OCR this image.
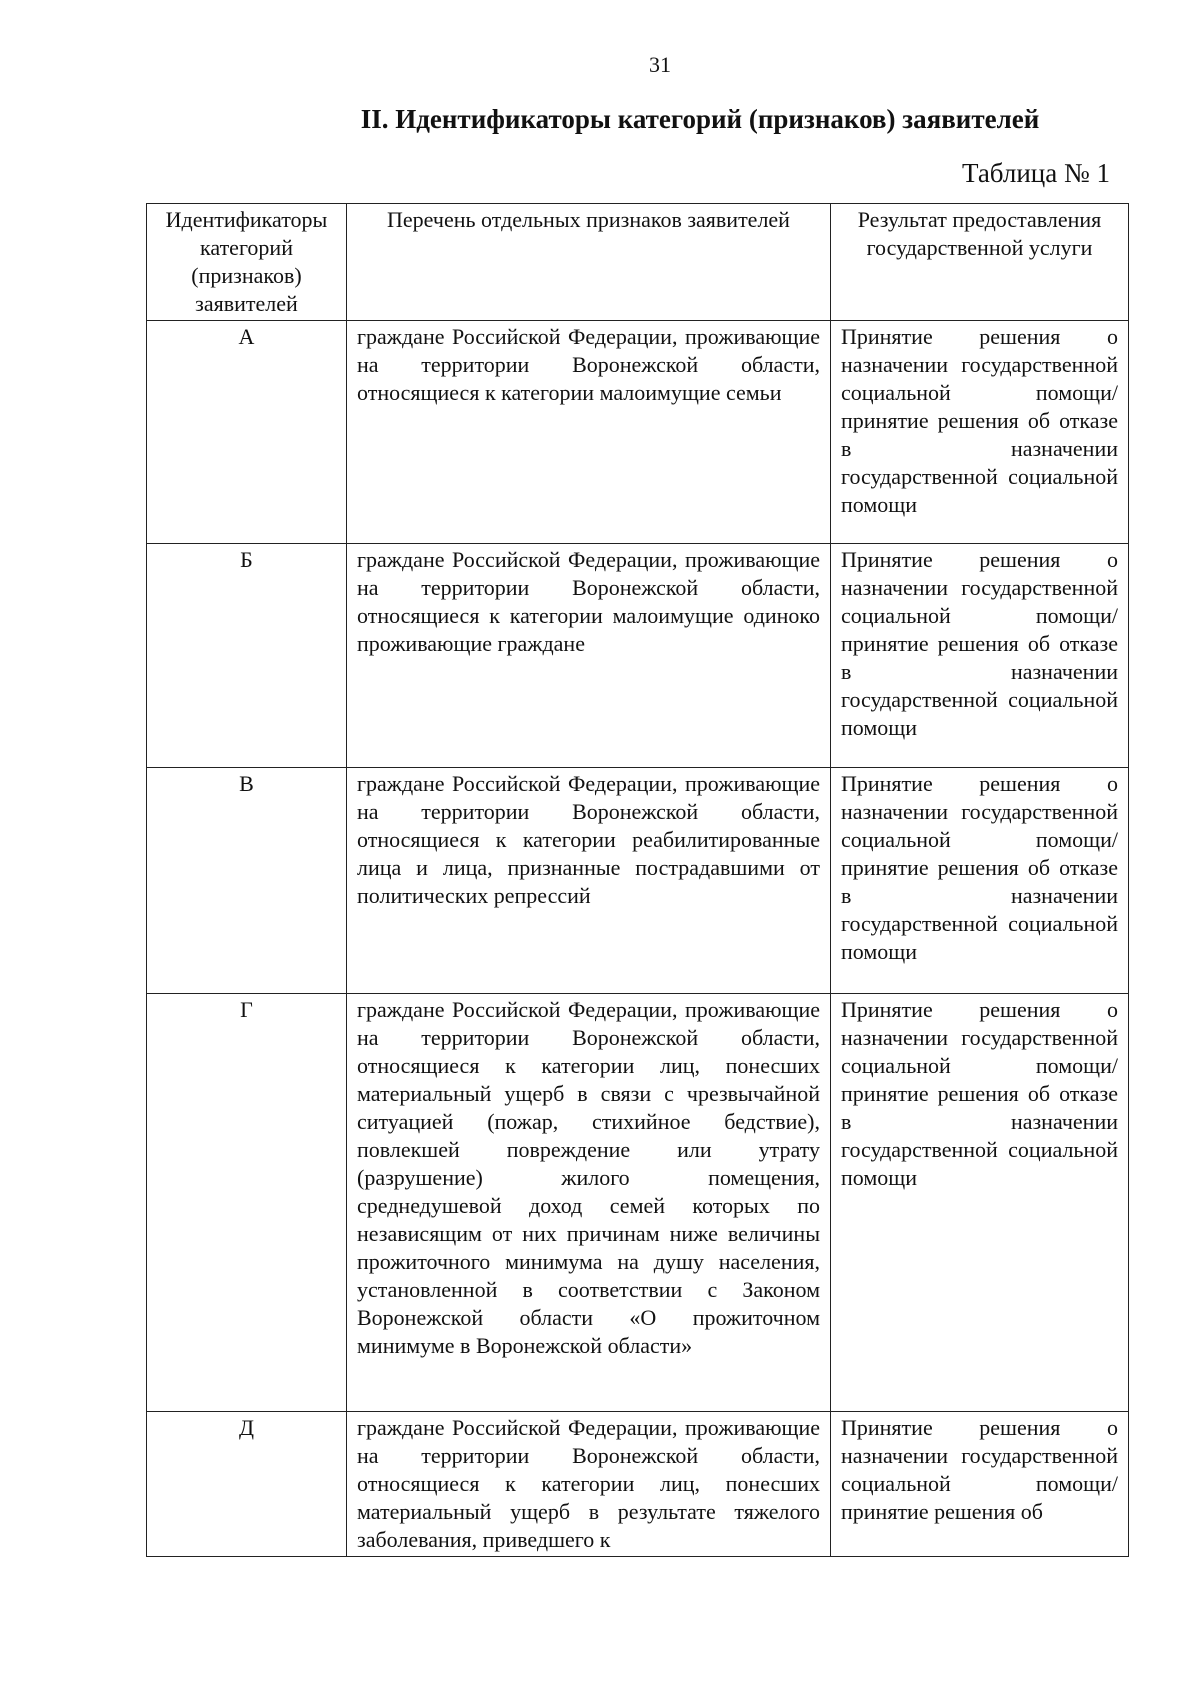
31
II. Идентификаторы категорий (признаков) заявителей
Таблица № 1
Идентификаторы категорий (признаков) заявителей	Перечень отдельных признаков заявителей	Результат предоставления государственной услуги
А	граждане Российской Федерации, проживающие на территории Воронежской области, относящиеся к категории малоимущие семьи	Принятие решения о назначении государственной социальной помощи/ принятие решения об отказе в назначении государственной социальной помощи
Б	граждане Российской Федерации, проживающие на территории Воронежской области, относящиеся к категории малоимущие одиноко проживающие граждане	Принятие решения о назначении государственной социальной помощи/ принятие решения об отказе в назначении государственной социальной помощи
В	граждане Российской Федерации, проживающие на территории Воронежской области, относящиеся к категории реабилитированные лица и лица, признанные пострадавшими от политических репрессий	Принятие решения о назначении государственной социальной помощи/ принятие решения об отказе в назначении государственной социальной помощи
Г	граждане Российской Федерации, проживающие на территории Воронежской области, относящиеся к категории лиц, понесших материальный ущерб в связи с чрезвычайной ситуацией (пожар, стихийное бедствие), повлекшей повреждение или утрату (разрушение) жилого помещения, среднедушевой доход семей которых по независящим от них причинам ниже величины прожиточного минимума на душу населения, установленной в соответствии с Законом Воронежской области «О прожиточном минимуме в Воронежской области»	Принятие решения о назначении государственной социальной помощи/ принятие решения об отказе в назначении государственной социальной помощи
Д	граждане Российской Федерации, проживающие на территории Воронежской области, относящиеся к категории лиц, понесших материальный ущерб в результате тяжелого заболевания, приведшего к	Принятие решения о назначении государственной социальной помощи/ принятие решения об
